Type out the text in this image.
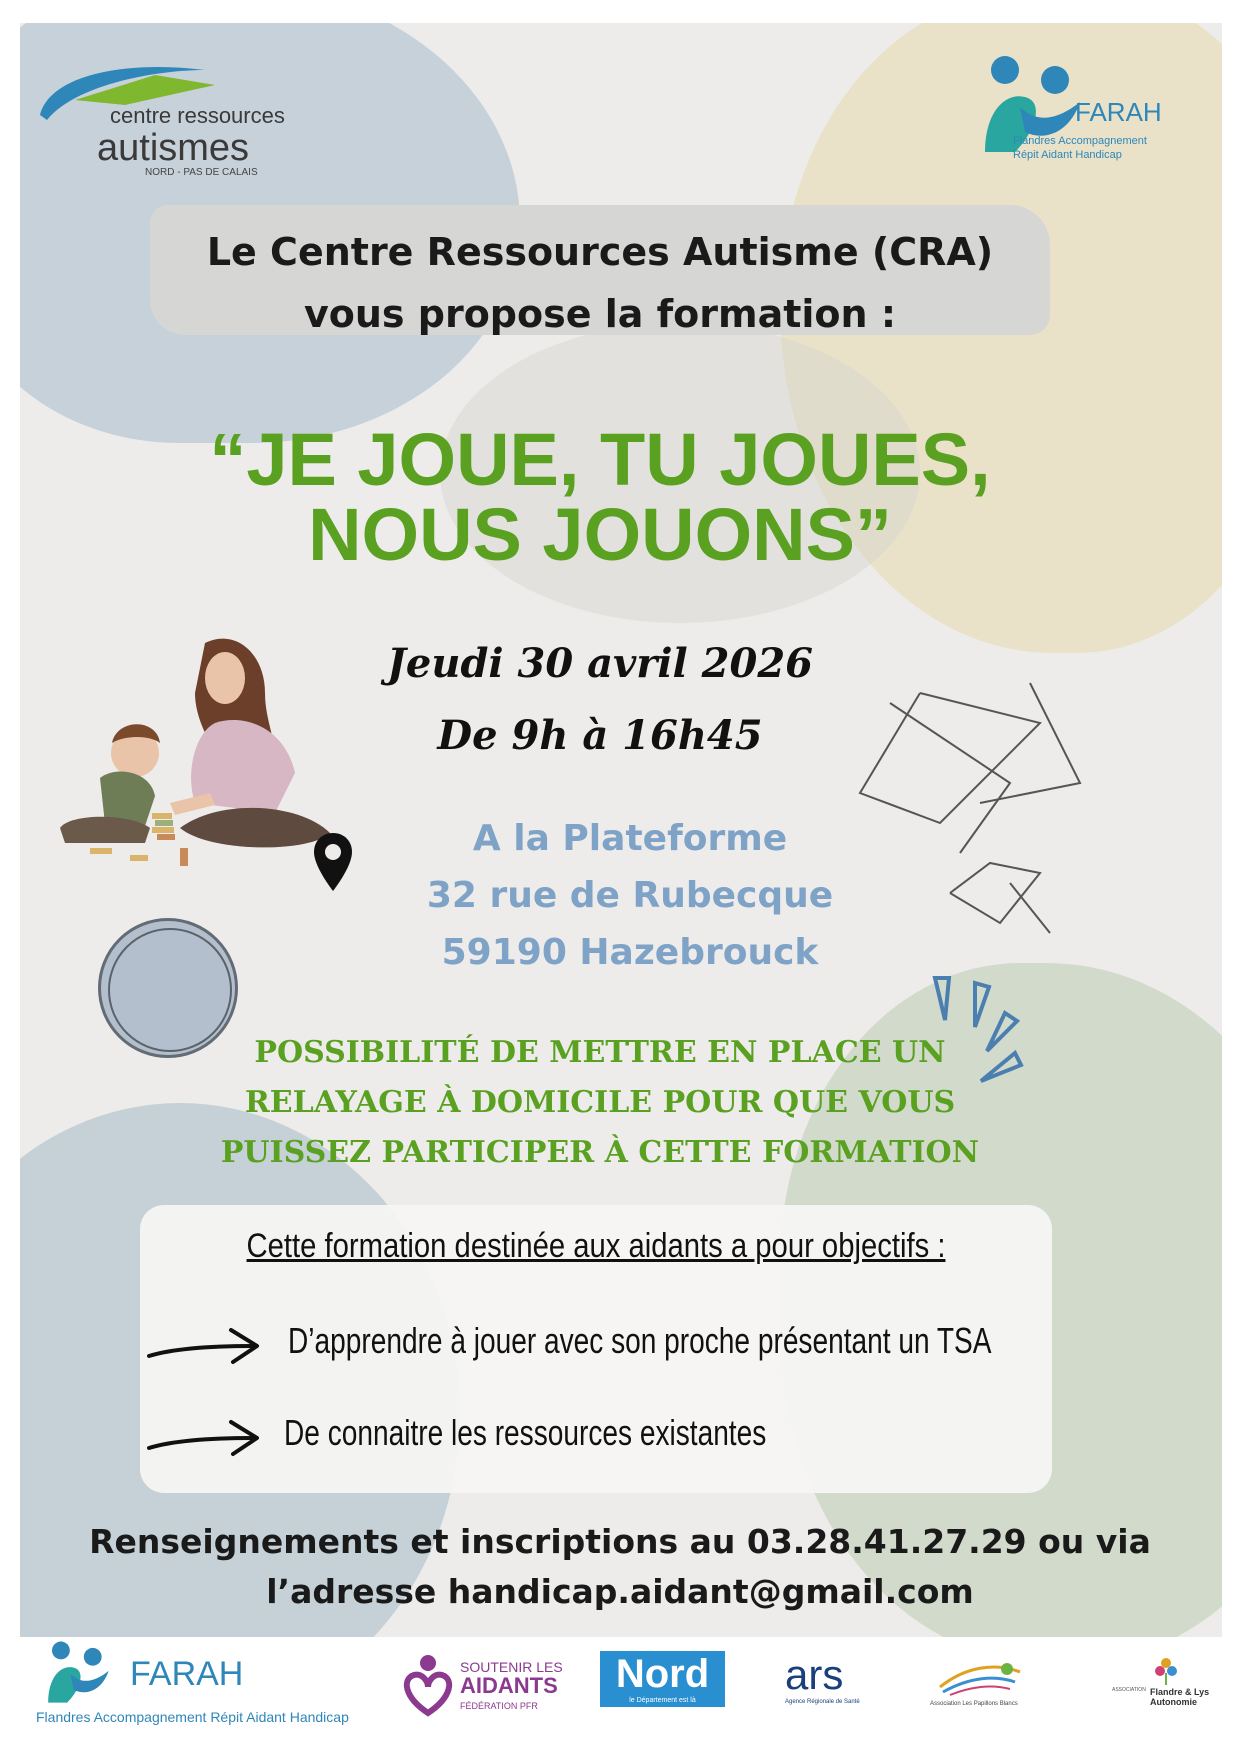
centre ressources
autismes
NORD - PAS DE CALAIS
FARAH
Flandres Accompagnement
Répit Aidant Handicap
Le Centre Ressources Autisme (CRA)
vous propose la formation :
“JE JOUE, TU JOUES,
NOUS JOUONS”
Jeudi 30 avril 2026
De 9h à 16h45
A la Plateforme
32 rue de Rubecque
59190 Hazebrouck
POSSIBILITÉ DE METTRE EN PLACE UN
RELAYAGE À DOMICILE POUR QUE VOUS
PUISSEZ PARTICIPER À CETTE FORMATION
Cette formation destinée aux aidants a pour objectifs :
D’apprendre à jouer avec son proche présentant un TSA
De connaitre les ressources existantes
Renseignements et inscriptions au 03.28.41.27.29 ou via
l’adresse handicap.aidant@gmail.com
FARAH
Flandres Accompagnement Répit Aidant Handicap
SOUTENIR LES
AIDANTS
FÉDÉRATION PFR
Nord
le Département est là
ars
Agence Régionale de Santé	Association Les Papillons Blancs
ASSOCIATION Flandre & Lys
Autonomie
